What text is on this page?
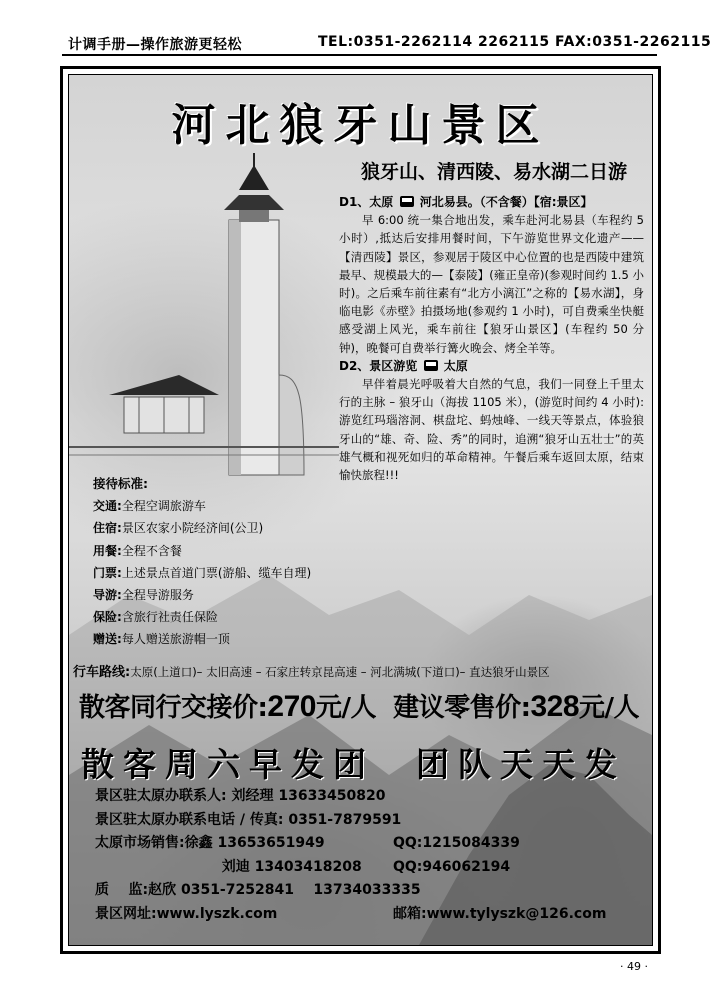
计调手册—操作旅游更轻松	TEL:0351-2262114 2262115 FAX:0351-2262115
河北狼牙山景区
狼牙山、清西陵、易水湖二日游
D1、太原 河北易县。（不含餐）【宿:景区】

早 6:00 统一集合地出发，乘车赴河北易县（车程约 5 小时）,抵达后安排用餐时间，下午游览世界文化遗产——【清西陵】景区，参观居于陵区中心位置的也是西陵中建筑最早、规模最大的—【泰陵】(雍正皇帝)(参观时间约 1.5 小时)。之后乘车前往素有“北方小漓江”之称的【易水湖】，身临电影《赤壁》拍摄场地(参观约 1 小时)，可自费乘坐快艇感受湖上风光，乘车前往【狼牙山景区】(车程约 50 分钟)，晚餐可自费举行篝火晚会、烤全羊等。

D2、景区游览 太原

早伴着晨光呼吸着大自然的气息，我们一同登上千里太行的主脉 – 狼牙山（海拔 1105 米），(游览时间约 4 小时):游览红玛瑙溶洞、棋盘坨、蚂烛峰、一线天等景点，体验狼牙山的“雄、奇、险、秀”的同时，追溯“狼牙山五壮士”的英雄气概和视死如归的革命精神。午餐后乘车返回太原，结束愉快旅程!!!

接待标准:
交通:全程空调旅游车
住宿:景区农家小院经济间(公卫)
用餐:全程不含餐
门票:上述景点首道门票(游船、缆车自理)
导游:全程导游服务
保险:含旅行社责任保险
赠送:每人赠送旅游帽一顶
行车路线:太原(上道口)– 太旧高速 – 石家庄转京昆高速 – 河北满城(下道口)– 直达狼牙山景区
散客同行交接价:270元/人 建议零售价:328元/人
散客周六早发团 团队天天发
景区驻太原办联系人: 刘经理 13633450820
景区驻太原办联系电话 / 传真: 0351-7879591
太原市场销售:徐鑫 13653651949	QQ:1215084339
刘迪 13403418208 QQ:946062194
质    监:赵欣 0351-7252841    13734033335
景区网址:www.lyszk.com	邮箱:www.tylyszk@126.com
· 49 ·
